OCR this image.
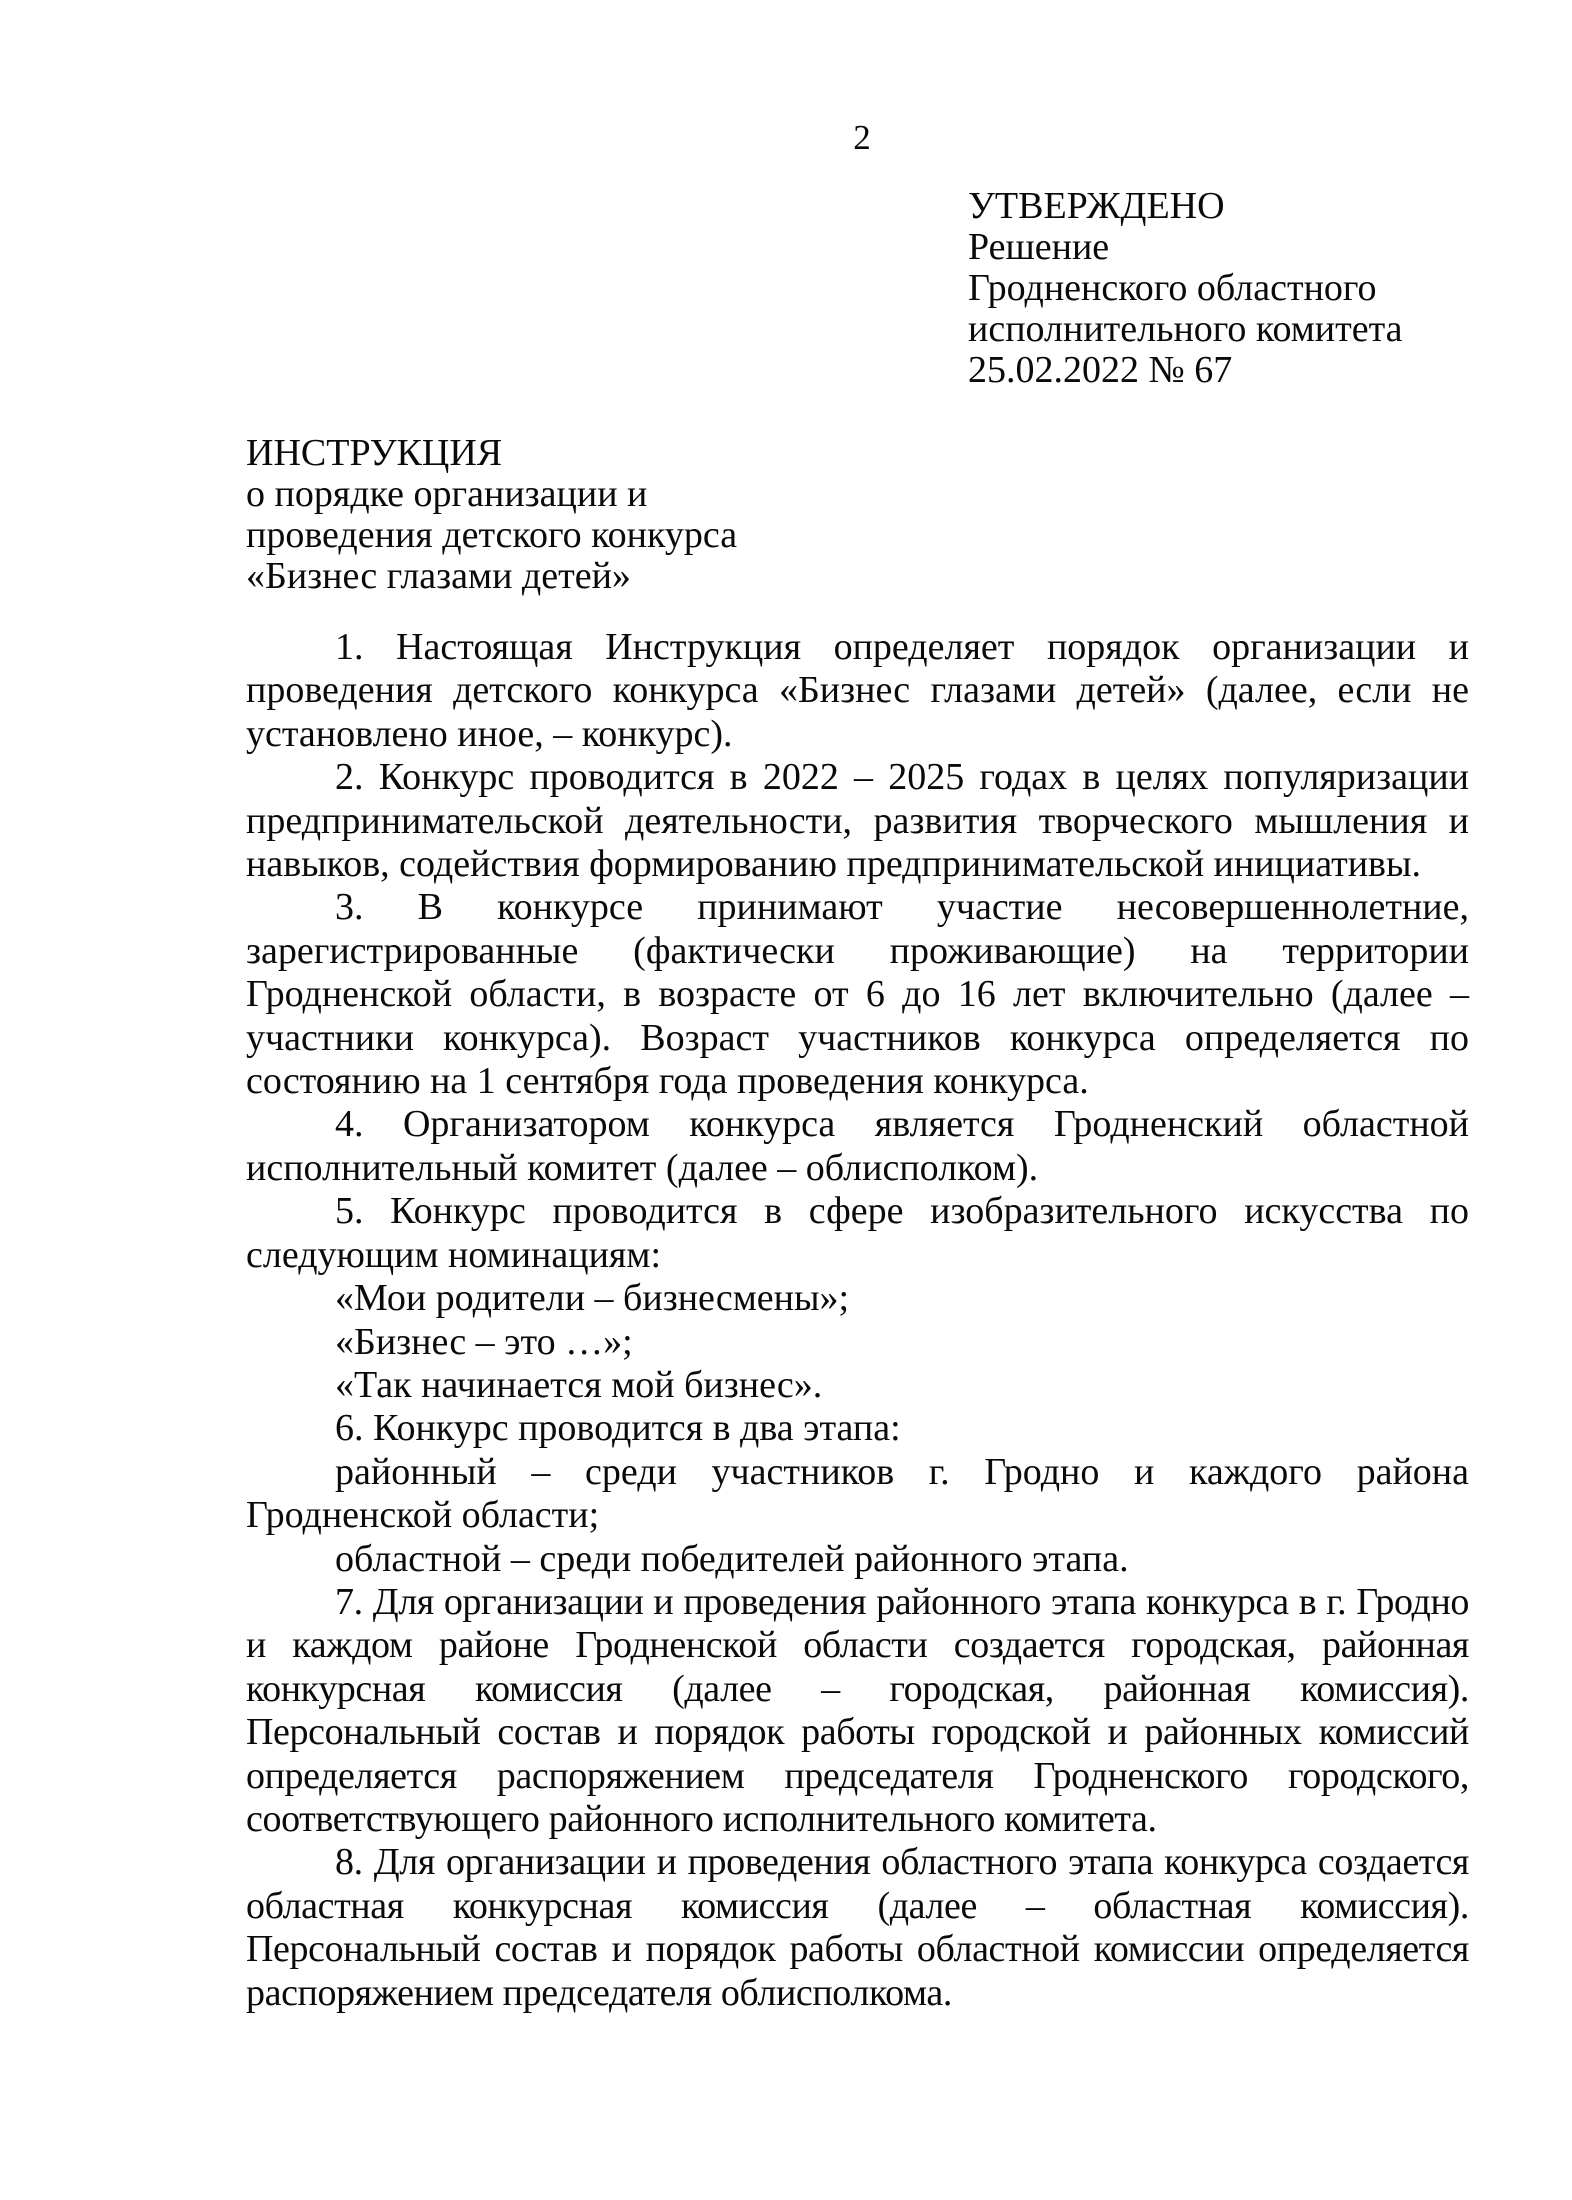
2
УТВЕРЖДЕНО
Решение
Гродненского областного
исполнительного комитета
25.02.2022 № 67
ИНСТРУКЦИЯ
о порядке организации и
проведения детского конкурса
«Бизнес глазами детей»

1. Настоящая Инструкция определяет порядок организации и проведения детского конкурса «Бизнес глазами детей» (далее, если не установлено иное, – конкурс).

2. Конкурс проводится в 2022 – 2025 годах в целях популяризации предпринимательской деятельности, развития творческого мышления и навыков, содействия формированию предпринимательской инициативы.

3. В конкурсе принимают участие несовершеннолетние, зарегистрированные (фактически проживающие) на территории Гродненской области, в возрасте от 6 до 16 лет включительно (далее – участники конкурса). Возраст участников конкурса определяется по состоянию на 1 сентября года проведения конкурса.

4. Организатором конкурса является Гродненский областной исполнительный комитет (далее – облисполком).

5. Конкурс проводится в сфере изобразительного искусства по следующим номинациям:

«Мои родители – бизнесмены»;

«Бизнес – это …»;

«Так начинается мой бизнес».

6. Конкурс проводится в два этапа:

районный – среди участников г. Гродно и каждого района Гродненской области;

областной – среди победителей районного этапа.

7. Для организации и проведения районного этапа конкурса в г. Гродно и каждом районе Гродненской области создается городская, районная конкурсная комиссия (далее – городская, районная комиссия). Персональный состав и порядок работы городской и районных комиссий определяется распоряжением председателя Гродненского городского, соответствующего районного исполнительного комитета.

8. Для организации и проведения областного этапа конкурса создается областная конкурсная комиссия (далее – областная комиссия). Персональный состав и порядок работы областной комиссии определяется распоряжением председателя облисполкома.
